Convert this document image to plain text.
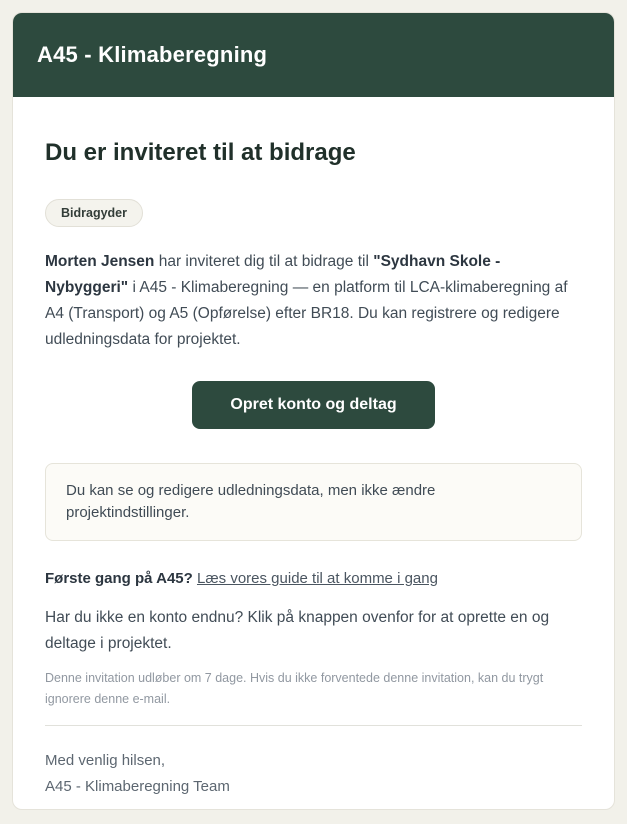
A45 - Klimaberegning
Du er inviteret til at bidrage
Bidragyder

Morten Jensen har inviteret dig til at bidrage til "Sydhavn Skole - Nybyggeri" i A45 - Klimaberegning — en platform til LCA-klimaberegning af A4 (Transport) og A5 (Opførelse) efter BR18. Du kan registrere og redigere udledningsdata for projektet.

Opret konto og deltag
Du kan se og redigere udledningsdata, men ikke ændre projektindstillinger.

Første gang på A45? Læs vores guide til at komme i gang

Har du ikke en konto endnu? Klik på knappen ovenfor for at oprette en og deltage i projektet.

Denne invitation udløber om 7 dage. Hvis du ikke forventede denne invitation, kan du trygt ignorere denne e-mail.

Med venlig hilsen,
A45 - Klimaberegning Team
